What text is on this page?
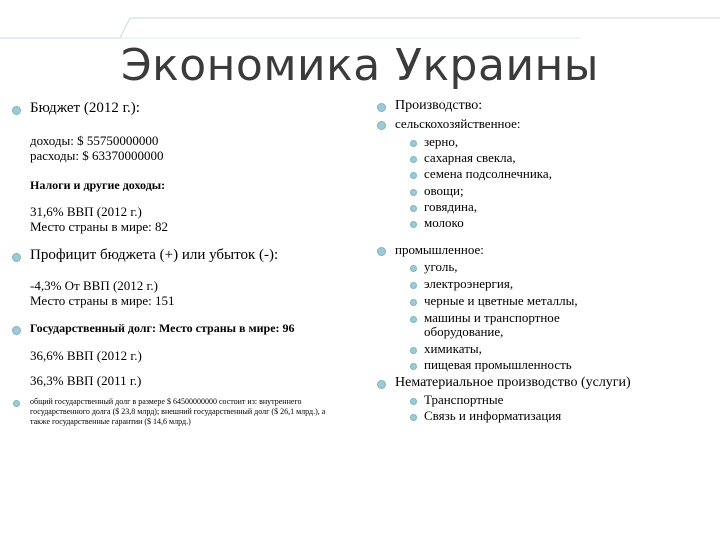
Экономика Украины
Бюджет (2012 г.):
доходы: $ 55750000000
расходы: $ 63370000000
Налоги и другие доходы:
31,6% ВВП (2012 г.)
Место страны в мире: 82
Профицит бюджета (+) или убыток (-):
-4,3% От ВВП (2012 г.)
Место страны в мире: 151
Государственный долг: Место страны в мире: 96
36,6% ВВП (2012 г.)
36,3% ВВП (2011 г.)
общий государственный долг в размере $ 64500000000 состоит из: внутреннего государственного долга ($ 23,8 млрд); внешний государственный долг ($ 26,1 млрд.), а также государственные гарантии ($ 14,6 млрд.)
Производство:
сельскохозяйственное:
зерно,
сахарная свекла,
семена подсолнечника,
овощи;
говядина,
молоко
промышленное:
уголь,
электроэнергия,
черные и цветные металлы,
машины и транспортное
оборудование,
химикаты,
пищевая промышленность
Нематериальное производство (услуги)
Транспортные
Связь и информатизация
